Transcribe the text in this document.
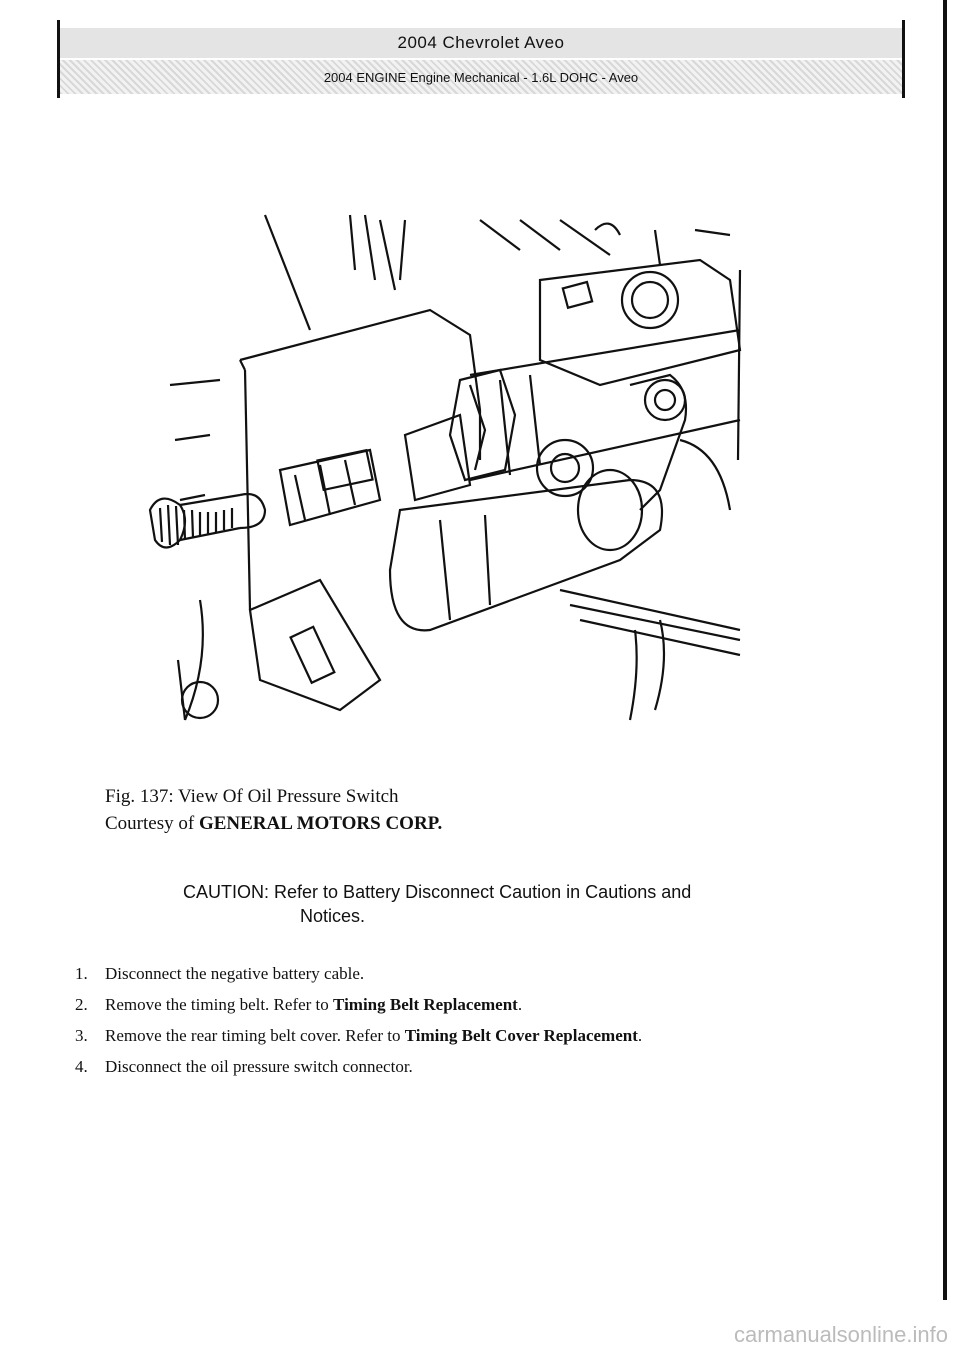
2004 Chevrolet Aveo
2004 ENGINE Engine Mechanical - 1.6L DOHC - Aveo
Fig. 137: View Of Oil Pressure Switch
Courtesy of GENERAL MOTORS CORP.
CAUTION: Refer to Battery Disconnect Caution in Cautions and
Notices.
1.	Disconnect the negative battery cable.
2.	Remove the timing belt. Refer to Timing Belt Replacement.
3.	Remove the rear timing belt cover. Refer to Timing Belt Cover Replacement.
4.	Disconnect the oil pressure switch connector.
carmanualsonline.info
